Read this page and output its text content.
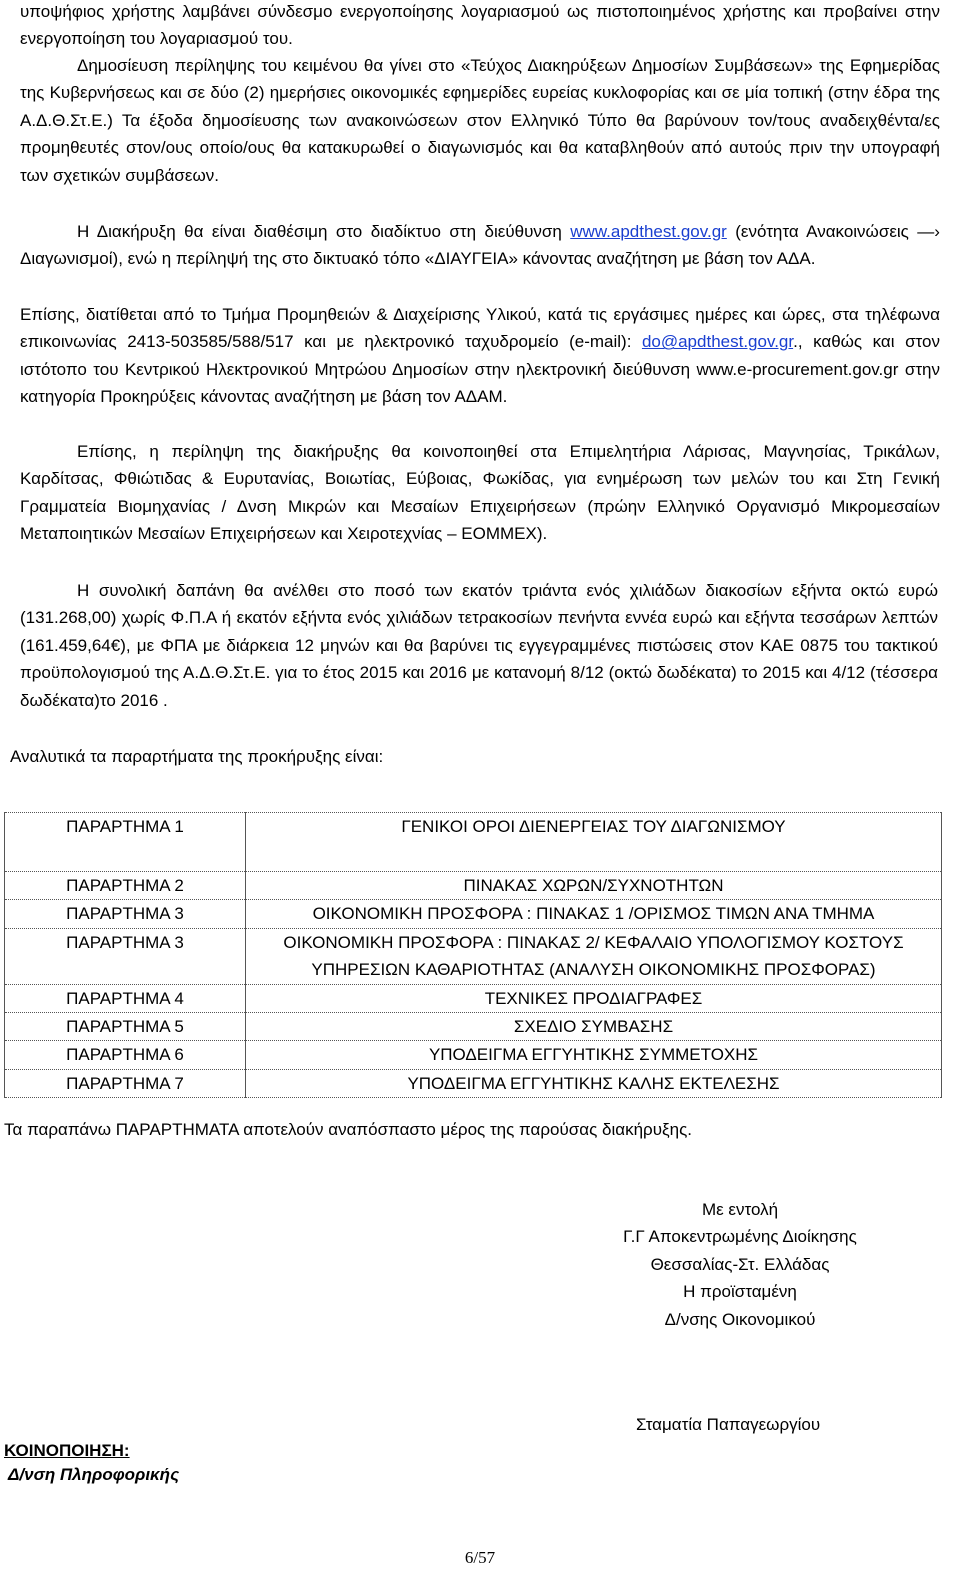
υποψήφιος χρήστης λαμβάνει σύνδεσμο ενεργοποίησης λογαριασμού ως πιστοποιημένος χρήστης και προβαίνει στην ενεργοποίηση του λογαριασμού του.

Δημοσίευση περίληψης του κειμένου θα γίνει στο «Τεύχος Διακηρύξεων Δημοσίων Συμβάσεων» της Εφημερίδας της Κυβερνήσεως και σε δύο (2) ημερήσιες οικονομικές εφημερίδες ευρείας κυκλοφορίας και σε μία τοπική (στην έδρα της Α.Δ.Θ.Στ.Ε.) Τα έξοδα δημοσίευσης των ανακοινώσεων στον Ελληνικό Τύπο θα βαρύνουν τον/τους αναδειχθέντα/ες προμηθευτές στον/ους οποίο/ους θα κατακυρωθεί ο διαγωνισμός και θα καταβληθούν από αυτούς πριν την υπογραφή των σχετικών συμβάσεων.

Η Διακήρυξη θα είναι διαθέσιμη στο διαδίκτυο στη διεύθυνση www.apdthest.gov.gr (ενότητα Ανακοινώσεις —› Διαγωνισμοί), ενώ η περίληψή της στο δικτυακό τόπο «ΔΙΑΥΓΕΙΑ» κάνοντας αναζήτηση με βάση τον ΑΔΑ.

Επίσης, διατίθεται από το Τμήμα Προμηθειών & Διαχείρισης Υλικού, κατά τις εργάσιμες ημέρες και ώρες, στα τηλέφωνα επικοινωνίας 2413-503585/588/517 και με ηλεκτρονικό ταχυδρομείο (e-mail): do@apdthest.gov.gr., καθώς και στον ιστότοπο του Κεντρικού Ηλεκτρονικού Μητρώου Δημοσίων στην ηλεκτρονική διεύθυνση www.e-procurement.gov.gr στην κατηγορία Προκηρύξεις κάνοντας αναζήτηση με βάση τον ΑΔΑΜ.

Επίσης, η περίληψη της διακήρυξης θα κοινοποιηθεί στα Επιμελητήρια Λάρισας, Μαγνησίας, Τρικάλων, Καρδίτσας, Φθιώτιδας & Ευρυτανίας, Βοιωτίας, Εύβοιας, Φωκίδας, για ενημέρωση των μελών του και Στη Γενική Γραμματεία Βιομηχανίας / Δνση Μικρών και Μεσαίων Επιχειρήσεων (πρώην Ελληνικό Οργανισμό Μικρομεσαίων Μεταποιητικών Μεσαίων Επιχειρήσεων και Χειροτεχνίας – ΕΟΜΜΕΧ).

Η συνολική δαπάνη θα ανέλθει στο ποσό των εκατόν τριάντα ενός χιλιάδων διακοσίων εξήντα οκτώ ευρώ (131.268,00) χωρίς Φ.Π.Α ή εκατόν εξήντα ενός χιλιάδων τετρακοσίων πενήντα εννέα ευρώ και εξήντα τεσσάρων λεπτών (161.459,64€), με ΦΠΑ με διάρκεια 12 μηνών και θα βαρύνει τις εγγεγραμμένες πιστώσεις στον ΚΑΕ 0875 του τακτικού προϋπολογισμού της Α.Δ.Θ.Στ.Ε. για το έτος 2015 και 2016 με κατανομή 8/12 (οκτώ δωδέκατα) το 2015 και 4/12 (τέσσερα δωδέκατα)το 2016 .

Αναλυτικά τα παραρτήματα της προκήρυξης είναι:

ΠΑΡΑΡΤΗΜΑ 1	ΓΕΝΙΚΟΙ ΟΡΟΙ ΔΙΕΝΕΡΓΕΙΑΣ ΤΟΥ ΔΙΑΓΩΝΙΣΜΟΥ
ΠΑΡΑΡΤΗΜΑ 2	ΠΙΝΑΚΑΣ ΧΩΡΩΝ/ΣΥΧΝΟΤΗΤΩΝ
ΠΑΡΑΡΤΗΜΑ 3	ΟΙΚΟΝΟΜΙΚΗ ΠΡΟΣΦΟΡΑ : ΠΙΝΑΚΑΣ 1 /ΟΡΙΣΜΟΣ ΤΙΜΩΝ ΑΝΑ ΤΜΗΜΑ
ΠΑΡΑΡΤΗΜΑ 3	ΟΙΚΟΝΟΜΙΚΗ ΠΡΟΣΦΟΡΑ : ΠΙΝΑΚΑΣ 2/ ΚΕΦΑΛΑΙΟ ΥΠΟΛΟΓΙΣΜΟΥ ΚΟΣΤΟΥΣ ΥΠΗΡΕΣΙΩΝ ΚΑΘΑΡΙΟΤΗΤΑΣ (ΑΝΑΛΥΣΗ ΟΙΚΟΝΟΜΙΚΗΣ ΠΡΟΣΦΟΡΑΣ)
ΠΑΡΑΡΤΗΜΑ 4	ΤΕΧΝΙΚΕΣ ΠΡΟΔΙΑΓΡΑΦΕΣ
ΠΑΡΑΡΤΗΜΑ 5	ΣΧΕΔΙΟ ΣΥΜΒΑΣΗΣ
ΠΑΡΑΡΤΗΜΑ 6	ΥΠΟΔΕΙΓΜΑ ΕΓΓΥΗΤΙΚΗΣ ΣΥΜΜΕΤΟΧΗΣ
ΠΑΡΑΡΤΗΜΑ 7	ΥΠΟΔΕΙΓΜΑ ΕΓΓΥΗΤΙΚΗΣ ΚΑΛΗΣ ΕΚΤΕΛΕΣΗΣ

Τα παραπάνω ΠΑΡΑΡΤΗΜΑΤΑ αποτελούν αναπόσπαστο μέρος της παρούσας διακήρυξης.

Με εντολή
Γ.Γ Αποκεντρωμένης Διοίκησης
Θεσσαλίας-Στ. Ελλάδας
Η προϊσταμένη
Δ/νσης Οικονομικού
Σταματία Παπαγεωργίου
ΚΟΙΝΟΠΟΙΗΣΗ:
Δ/νση Πληροφορικής
6/57
